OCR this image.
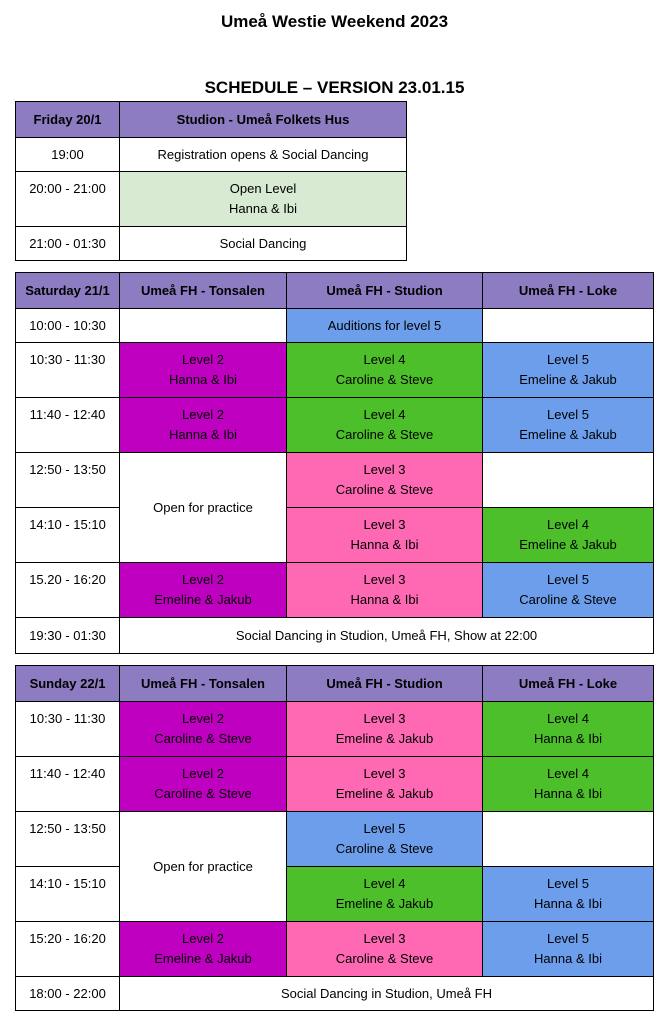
Umeå Westie Weekend 2023
SCHEDULE – VERSION 23.01.15
Friday 20/1	Studion - Umeå Folkets Hus
19:00	Registration opens & Social Dancing
20:00 - 21:00	Open Level
Hanna & Ibi

21:00 - 01:30	Social Dancing
Saturday 21/1	Umeå FH - Tonsalen	Umeå FH - Studion	Umeå FH - Loke
10:00 - 10:30		Auditions for level 5	
10:30 - 11:30	Level 2
Hanna & Ibi	Level 4
Caroline & Steve	Level 5
Emeline & Jakub

11:40 - 12:40	Level 2
Hanna & Ibi	Level 4
Caroline & Steve	Level 5
Emeline & Jakub

12:50 - 13:50	Open for practice	Level 3
Caroline & Steve	

14:10 - 15:10		Level 3
Hanna & Ibi	Level 4
Emeline & Jakub

15.20 - 16:20	Level 2
Emeline & Jakub	Level 3
Hanna & Ibi	Level 5
Caroline & Steve

19:30 - 01:30	Social Dancing in Studion, Umeå FH, Show at 22:00		
Sunday 22/1	Umeå FH - Tonsalen	Umeå FH - Studion	Umeå FH - Loke
10:30 - 11:30	Level 2
Caroline & Steve	Level 3
Emeline & Jakub	Level 4
Hanna & Ibi

11:40 - 12:40	Level 2
Caroline & Steve	Level 3
Emeline & Jakub	Level 4
Hanna & Ibi

12:50 - 13:50	Open for practice	Level 5
Caroline & Steve	

14:10 - 15:10		Level 4
Emeline & Jakub	Level 5
Hanna & Ibi

15:20 - 16:20	Level 2
Emeline & Jakub	Level 3
Caroline & Steve	Level 5
Hanna & Ibi

18:00 - 22:00	Social Dancing in Studion, Umeå FH		
